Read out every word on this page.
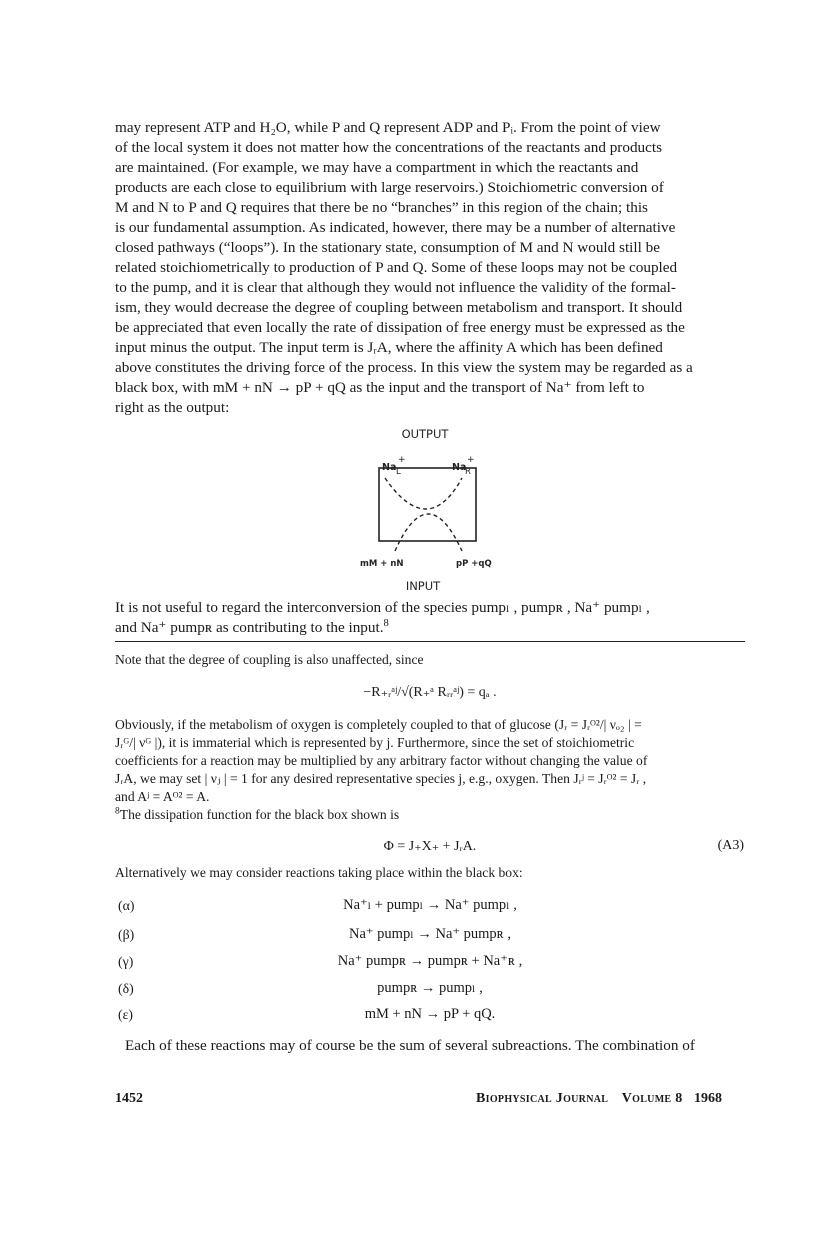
may represent ATP and H₂O, while P and Q represent ADP and Pᵢ. From the point of view

of the local system it does not matter how the concentrations of the reactants and products

are maintained. (For example, we may have a compartment in which the reactants and

products are each close to equilibrium with large reservoirs.) Stoichiometric conversion of

M and N to P and Q requires that there be no “branches” in this region of the chain; this

is our fundamental assumption. As indicated, however, there may be a number of alternative

closed pathways (“loops”). In the stationary state, consumption of M and N would still be

related stoichiometrically to production of P and Q. Some of these loops may not be coupled

to the pump, and it is clear that although they would not influence the validity of the formal-

ism, they would decrease the degree of coupling between metabolism and transport. It should

be appreciated that even locally the rate of dissipation of free energy must be expressed as the

input minus the output. The input term is JᵣA, where the affinity A which has been defined

above constitutes the driving force of the process. In this view the system may be regarded as a

black box, with mM + nN → pP + qQ as the input and the transport of Na⁺ from left to

right as the output:

OUTPUT
Na
+
L	Na
+
R
mM + nN	pP +qQ
INPUT

It is not useful to regard the interconversion of the species pumpₗ , pumpʀ , Na⁺ pumpₗ ,

and Na⁺ pumpʀ as contributing to the input.$^8$

Note that the degree of coupling is also unaffected, since

−R₊ᵣᵃʲ/√(R₊ᵃ Rᵣᵣᵃʲ) = qₐ .

Obviously, if the metabolism of oxygen is completely coupled to that of glucose (Jᵣ = Jᵣᴼ²/| νₒ₂ | =

Jᵣᴳ/| νᴳ |), it is immaterial which is represented by j. Furthermore, since the set of stoichiometric

coefficients for a reaction may be multiplied by any arbitrary factor without changing the value of

JᵣA, we may set | νⱼ | = 1 for any desired representative species j, e.g., oxygen. Then Jᵣʲ = Jᵣᴼ² = Jᵣ ,

and Aʲ = Aᴼ² = A.

$^8$The dissipation function for the black box shown is

Φ = J₊X₊ + JᵣA.	(A3)

Alternatively we may consider reactions taking place within the black box:

(α)	Na⁺ₗ + pumpₗ → Na⁺ pumpₗ ,
(β)	Na⁺ pumpₗ → Na⁺ pumpʀ ,
(γ)	Na⁺ pumpʀ → pumpʀ + Na⁺ʀ ,
(δ)	pumpʀ → pumpₗ ,
(ε)	mM + nN → pP + qQ.

Each of these reactions may of course be the sum of several subreactions. The combination of

1452	Biophysical Journal Volume 8 1968
